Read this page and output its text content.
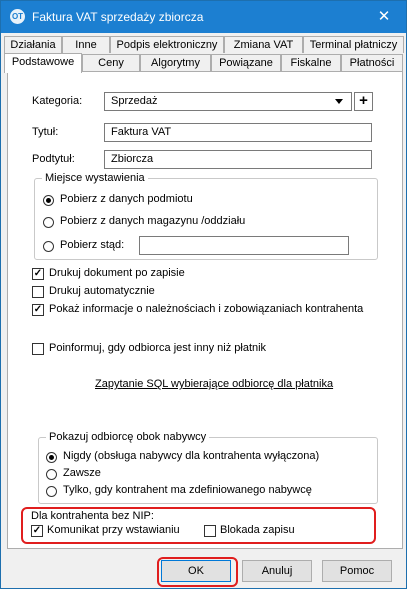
OT Faktura VAT sprzedaży zbiorcza	✕
Działania	Inne	Podpis elektroniczny	Zmiana VAT	Terminal płatniczy
Podstawowe	Ceny	Algorytmy	Powiązane	Fiskalne	Płatności
Kategoria:	Sprzedaż	+
Tytuł:	Faktura VAT
Podtytuł:	Zbiorcza
Miejsce wystawienia
Pobierz z danych podmiotu
Pobierz z danych magazynu /oddziału
Pobierz stąd:
✓ Drukuj dokument po zapisie
Drukuj automatycznie
✓ Pokaż informacje o należnościach i zobowiązaniach kontrahenta
Poinformuj, gdy odbiorca jest inny niż płatnik
Zapytanie SQL wybierające odbiorcę dla płatnika
Pokazuj odbiorcę obok nabywcy
Nigdy (obsługa nabywcy dla kontrahenta wyłączona)
Zawsze
Tylko, gdy kontrahent ma zdefiniowanego nabywcę
Dla kontrahenta bez NIP:
✓ Komunikat przy wstawianiu	Blokada zapisu
OK	Anuluj	Pomoc
